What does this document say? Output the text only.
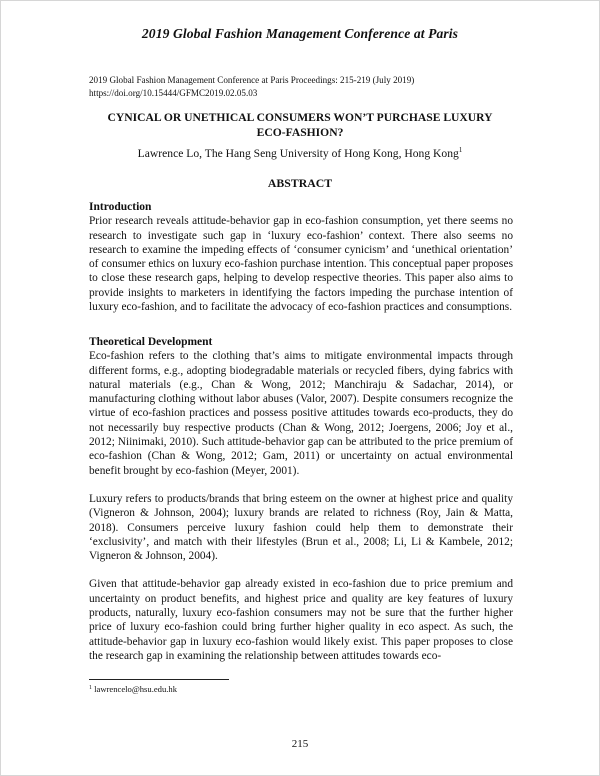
2019 Global Fashion Management Conference at Paris
2019 Global Fashion Management Conference at Paris Proceedings: 215-219 (July 2019)
https://doi.org/10.15444/GFMC2019.02.05.03
CYNICAL OR UNETHICAL CONSUMERS WON’T PURCHASE LUXURY
ECO-FASHION?
Lawrence Lo, The Hang Seng University of Hong Kong, Hong Kong$^1$
ABSTRACT
Introduction

Prior research reveals attitude-behavior gap in eco-fashion consumption, yet there seems no research to investigate such gap in ‘luxury eco-fashion’ context. There also seems no research to examine the impeding effects of ‘consumer cynicism’ and ‘unethical orientation’ of consumer ethics on luxury eco-fashion purchase intention. This conceptual paper proposes to close these research gaps, helping to develop respective theories. This paper also aims to provide insights to marketers in identifying the factors impeding the purchase intention of luxury eco-fashion, and to facilitate the advocacy of eco-fashion practices and consumptions.

Theoretical Development

Eco-fashion refers to the clothing that’s aims to mitigate environmental impacts through different forms, e.g., adopting biodegradable materials or recycled fibers, dying fabrics with natural materials (e.g., Chan & Wong, 2012; Manchiraju & Sadachar, 2014), or manufacturing clothing without labor abuses (Valor, 2007). Despite consumers recognize the virtue of eco-fashion practices and possess positive attitudes towards eco-products, they do not necessarily buy respective products (Chan & Wong, 2012; Joergens, 2006; Joy et al., 2012; Niinimaki, 2010). Such attitude-behavior gap can be attributed to the price premium of eco-fashion (Chan & Wong, 2012; Gam, 2011) or uncertainty on actual environmental benefit brought by eco-fashion (Meyer, 2001).

Luxury refers to products/brands that bring esteem on the owner at highest price and quality (Vigneron & Johnson, 2004); luxury brands are related to richness (Roy, Jain & Matta, 2018). Consumers perceive luxury fashion could help them to demonstrate their ‘exclusivity’, and match with their lifestyles (Brun et al., 2008; Li, Li & Kambele, 2012; Vigneron & Johnson, 2004).

Given that attitude-behavior gap already existed in eco-fashion due to price premium and uncertainty on product benefits, and highest price and quality are key features of luxury products, naturally, luxury eco-fashion consumers may not be sure that the further higher price of luxury eco-fashion could bring further higher quality in eco aspect. As such, the attitude-behavior gap in luxury eco-fashion would likely exist. This paper proposes to close the research gap in examining the relationship between attitudes towards eco-

$^1$ lawrencelo@hsu.edu.hk
215
